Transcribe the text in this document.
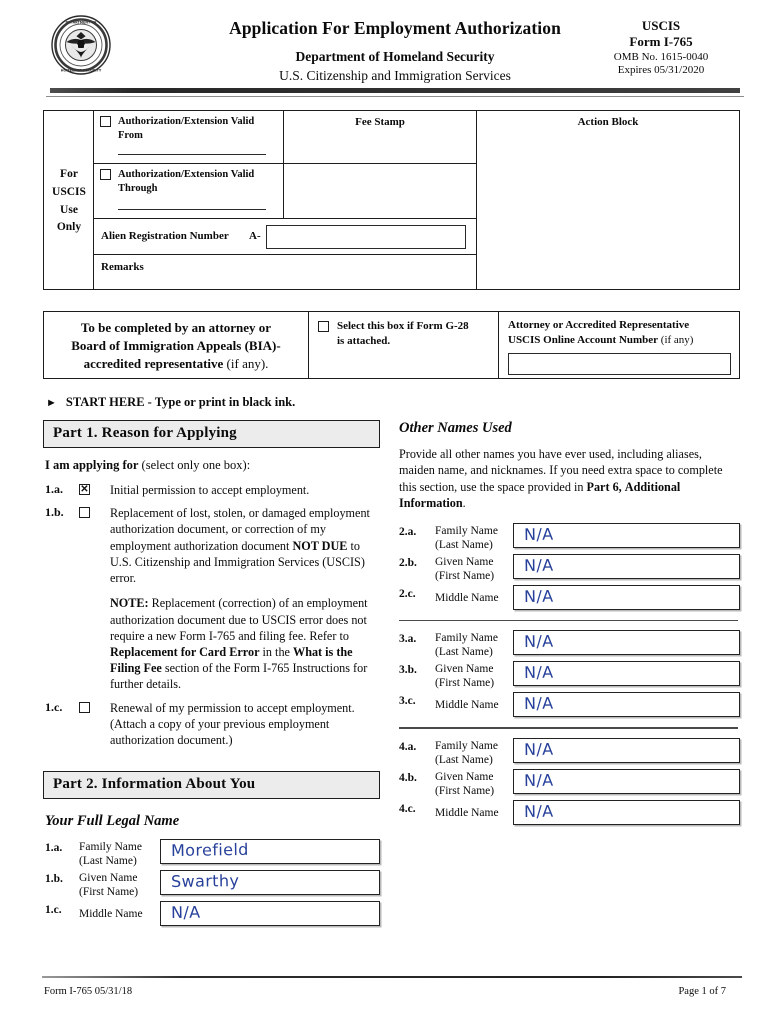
DEPARTMENT OF
HOMELAND SECURITY
Application For Employment Authorization
Department of Homeland Security
U.S. Citizenship and Immigration Services
USCIS
Form I-765
OMB No. 1615-0040
Expires 05/31/2020
For
USCIS
Use
Only
Authorization/Extension Valid From
Fee Stamp
Authorization/Extension Valid Through
Alien Registration Number A-
Remarks
Action Block
To be completed by an attorney or
Board of Immigration Appeals (BIA)-
accredited representative (if any).
Select this box if Form G-28
is attached.
Attorney or Accredited Representative
USCIS Online Account Number (if any)
► START HERE - Type or print in black ink.
Part 1. Reason for Applying
I am applying for (select only one box):
1.a. ✕	Initial permission to accept employment.
1.b.	Replacement of lost, stolen, or damaged employment authorization document, or correction of my employment authorization document NOT DUE to U.S. Citizenship and Immigration Services (USCIS) error.
NOTE: Replacement (correction) of an employment authorization document due to USCIS error does not require a new Form I-765 and filing fee. Refer to Replacement for Card Error in the What is the Filing Fee section of the Form I-765 Instructions for further details.
1.c.	Renewal of my permission to accept employment. (Attach a copy of your previous employment authorization document.)
Part 2. Information About You
Your Full Legal Name
1.a. Family Name
(Last Name)
Morefield
1.b. Given Name
(First Name)
Swarthy
1.c. Middle Name N/A
Other Names Used
Provide all other names you have ever used, including aliases, maiden name, and nicknames. If you need extra space to complete this section, use the space provided in Part 6, Additional Information.
2.a. Family Name
(Last Name)
N/A
2.b. Given Name
(First Name)
N/A
2.c. Middle Name N/A
3.a. Family Name
(Last Name)
N/A
3.b. Given Name
(First Name)
N/A
3.c. Middle Name N/A
4.a. Family Name
(Last Name)
N/A
4.b. Given Name
(First Name)
N/A
4.c. Middle Name N/A
Form I-765 05/31/18	Page 1 of 7
